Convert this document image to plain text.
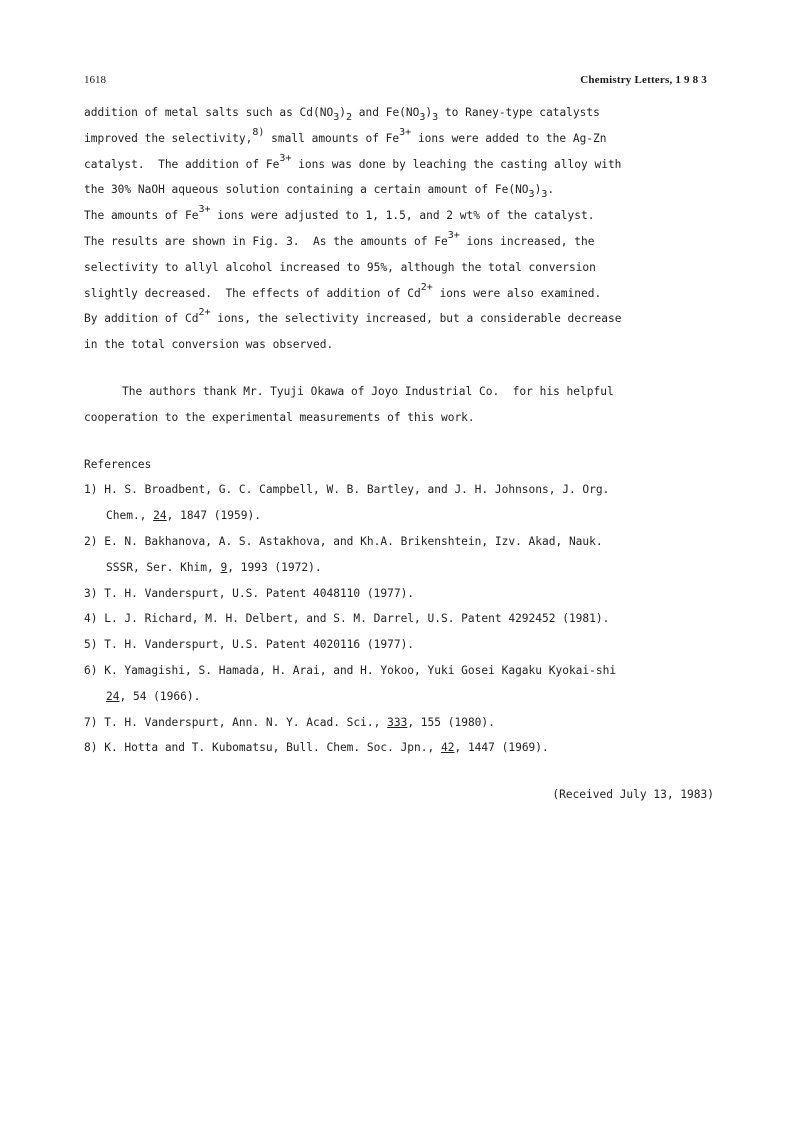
1618	Chemistry Letters, 1 9 8 3
addition of metal salts such as Cd(NO3)2 and Fe(NO3)3 to Raney-type catalysts
improved the selectivity,8) small amounts of Fe3+ ions were added to the Ag-Zn
catalyst.  The addition of Fe3+ ions was done by leaching the casting alloy with
the 30% NaOH aqueous solution containing a certain amount of Fe(NO3)3.
The amounts of Fe3+ ions were adjusted to 1, 1.5, and 2 wt% of the catalyst.
The results are shown in Fig. 3.  As the amounts of Fe3+ ions increased, the
selectivity to allyl alcohol increased to 95%, although the total conversion
slightly decreased.  The effects of addition of Cd2+ ions were also examined.
By addition of Cd2+ ions, the selectivity increased, but a considerable decrease
in the total conversion was observed.
The authors thank Mr. Tyuji Okawa of Joyo Industrial Co.  for his helpful
cooperation to the experimental measurements of this work.
References
1) H. S. Broadbent, G. C. Campbell, W. B. Bartley, and J. H. Johnsons, J. Org.
Chem., 24, 1847 (1959).
2) E. N. Bakhanova, A. S. Astakhova, and Kh.A. Brikenshtein, Izv. Akad, Nauk.
SSSR, Ser. Khim, 9, 1993 (1972).
3) T. H. Vanderspurt, U.S. Patent 4048110 (1977).
4) L. J. Richard, M. H. Delbert, and S. M. Darrel, U.S. Patent 4292452 (1981).
5) T. H. Vanderspurt, U.S. Patent 4020116 (1977).
6) K. Yamagishi, S. Hamada, H. Arai, and H. Yokoo, Yuki Gosei Kagaku Kyokai-shi
24, 54 (1966).
7) T. H. Vanderspurt, Ann. N. Y. Acad. Sci., 333, 155 (1980).
8) K. Hotta and T. Kubomatsu, Bull. Chem. Soc. Jpn., 42, 1447 (1969).
(Received July 13, 1983)
